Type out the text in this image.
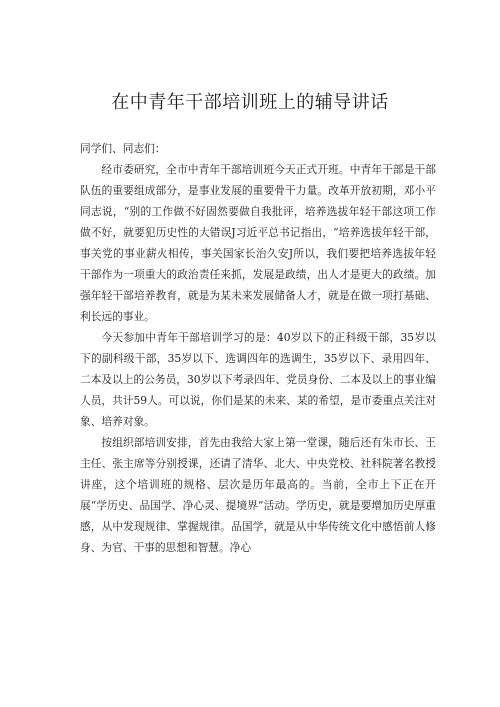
在中青年干部培训班上的辅导讲话

同学们、同志们：

经市委研究，全市中青年干部培训班今天正式开班。中青年干部是干部队伍的重要组成部分，是事业发展的重要骨干力量。改革开放初期，邓小平同志说，“别的工作做不好固然要做自我批评，培养选拔年轻干部这项工作做不好，就要犯历史性的大错误J习近平总书记指出，“培养选拔年轻干部，事关党的事业薪火相传，事关国家长治久安J所以，我们要把培养选拔年轻干部作为一项重大的政治责任来抓，发展是政绩，出人才是更大的政绩。加强年轻干部培养教育，就是为某未来发展储备人才，就是在做一项打基础、利长远的事业。

今天参加中青年干部培训学习的是：40岁以下的正科级干部，35岁以下的副科级干部，35岁以下、选调四年的选调生，35岁以下、录用四年、二本及以上的公务员，30岁以下考录四年、党员身份、二本及以上的事业编人员，共计59人。可以说，你们是某的未来、某的希望，是市委重点关注对象、培养对象。

按组织部培训安排，首先由我给大家上第一堂课，随后还有朱市长、王主任、张主席等分别授课，还请了清华、北大、中央党校、社科院著名教授讲座，这个培训班的规格、层次是历年最高的。当前，全市上下正在开展“学历史、品国学、净心灵、提境界”活动。学历史，就是要增加历史厚重感，从中发现规律、掌握规律。品国学，就是从中华传统文化中感悟前人修身、为官、干事的思想和智慧。净心
